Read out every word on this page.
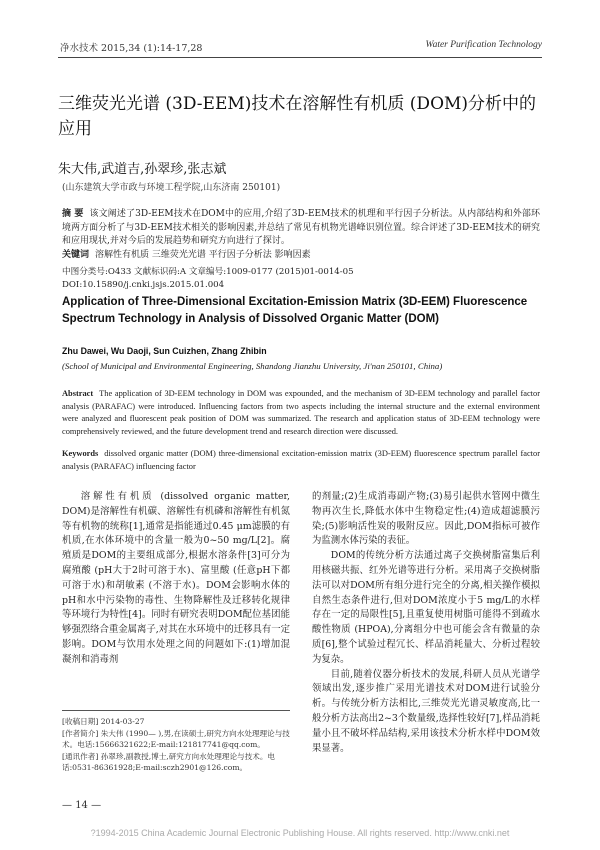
净水技术 2015,34 (1):14-17,28	Water Purification Technology
三维荧光光谱 (3D-EEM)技术在溶解性有机质 (DOM)分析中的应用
朱大伟,武道吉,孙翠珍,张志斌
(山东建筑大学市政与环境工程学院,山东济南 250101)
摘 要 该文阐述了3D-EEM技术在DOM中的应用,介绍了3D-EEM技术的机理和平行因子分析法。从内部结构和外部环境两方面分析了与3D-EEM技术相关的影响因素,并总结了常见有机物光谱峰识别位置。综合评述了3D-EEM技术的研究和应用现状,并对今后的发展趋势和研究方向进行了探讨。
关键词 溶解性有机质 三维荧光光谱 平行因子分析法 影响因素
中图分类号:O433 文献标识码:A 文章编号:1009-0177 (2015)01-0014-05
DOI:10.15890/j.cnki.jsjs.2015.01.004
Application of Three-Dimensional Excitation-Emission Matrix (3D-EEM) Fluorescence Spectrum Technology in Analysis of Dissolved Organic Matter (DOM)
Zhu Dawei, Wu Daoji, Sun Cuizhen, Zhang Zhibin
(School of Municipal and Environmental Engineering, Shandong Jianzhu University, Ji'nan 250101, China)
Abstract The application of 3D-EEM technology in DOM was expounded, and the mechanism of 3D-EEM technology and parallel factor analysis (PARAFAC) were introduced. Influencing factors from two aspects including the internal structure and the external environment were analyzed and fluorescent peak position of DOM was summarized. The research and application status of 3D-EEM technology were comprehensively reviewed, and the future development trend and research direction were discussed.
Keywords dissolved organic matter (DOM) three-dimensional excitation-emission matrix (3D-EEM) fluorescence spectrum parallel factor analysis (PARAFAC) influencing factor

溶解性有机质 (dissolved organic matter, DOM)是溶解性有机碳、溶解性有机磷和溶解性有机氮等有机物的统称[1],通常是指能通过0.45 μm滤膜的有机质,在水体环境中的含量一般为0~50 mg/L[2]。腐殖质是DOM的主要组成部分,根据水溶条件[3]可分为腐殖酸 (pH大于2时可溶于水)、富里酸 (任意pH下都可溶于水)和胡敏素 (不溶于水)。DOM会影响水体的pH和水中污染物的毒性、生物降解性及迁移转化规律等环境行为特性[4]。同时有研究表明DOM配位基团能够强烈络合重金属离子,对其在水环境中的迁移具有一定影响。DOM与饮用水处理之间的问题如下:(1)增加混凝剂和消毒剂

的剂量;(2)生成消毒副产物;(3)易引起供水管网中微生物再次生长,降低水体中生物稳定性;(4)造成超滤膜污染;(5)影响活性炭的吸附反应。因此,DOM指标可被作为监测水体污染的表征。

DOM的传统分析方法通过离子交换树脂富集后利用核磁共振、红外光谱等进行分析。采用离子交换树脂法可以对DOM所有组分进行完全的分离,相关操作模拟自然生态条件进行,但对DOM浓度小于5 mg/L的水样存在一定的局限性[5],且重复使用树脂可能得不到疏水酸性物质 (HPOA),分离组分中也可能会含有微量的杂质[6],整个试验过程冗长、样品消耗量大、分析过程较为复杂。

目前,随着仪器分析技术的发展,科研人员从光谱学领域出发,逐步推广采用光谱技术对DOM进行试验分析。与传统分析方法相比,三维荧光光谱灵敏度高,比一般分析方法高出2~3个数量级,选择性较好[7],样品消耗量小且不破坏样品结构,采用该技术分析水样中DOM效果显著。

[收稿日期] 2014-03-27
[作者简介] 朱大伟 (1990— ),男,在读硕士,研究方向水处理理论与技术。电话:15666321622;E-mail:121817741@qq.com。
[通讯作者] 孙翠珍,副教授,博士,研究方向水处理理论与技术。电话:0531-86361928;E-mail:sczh2901@126.com。
— 14 —
?1994-2015 China Academic Journal Electronic Publishing House. All rights reserved. http://www.cnki.net
